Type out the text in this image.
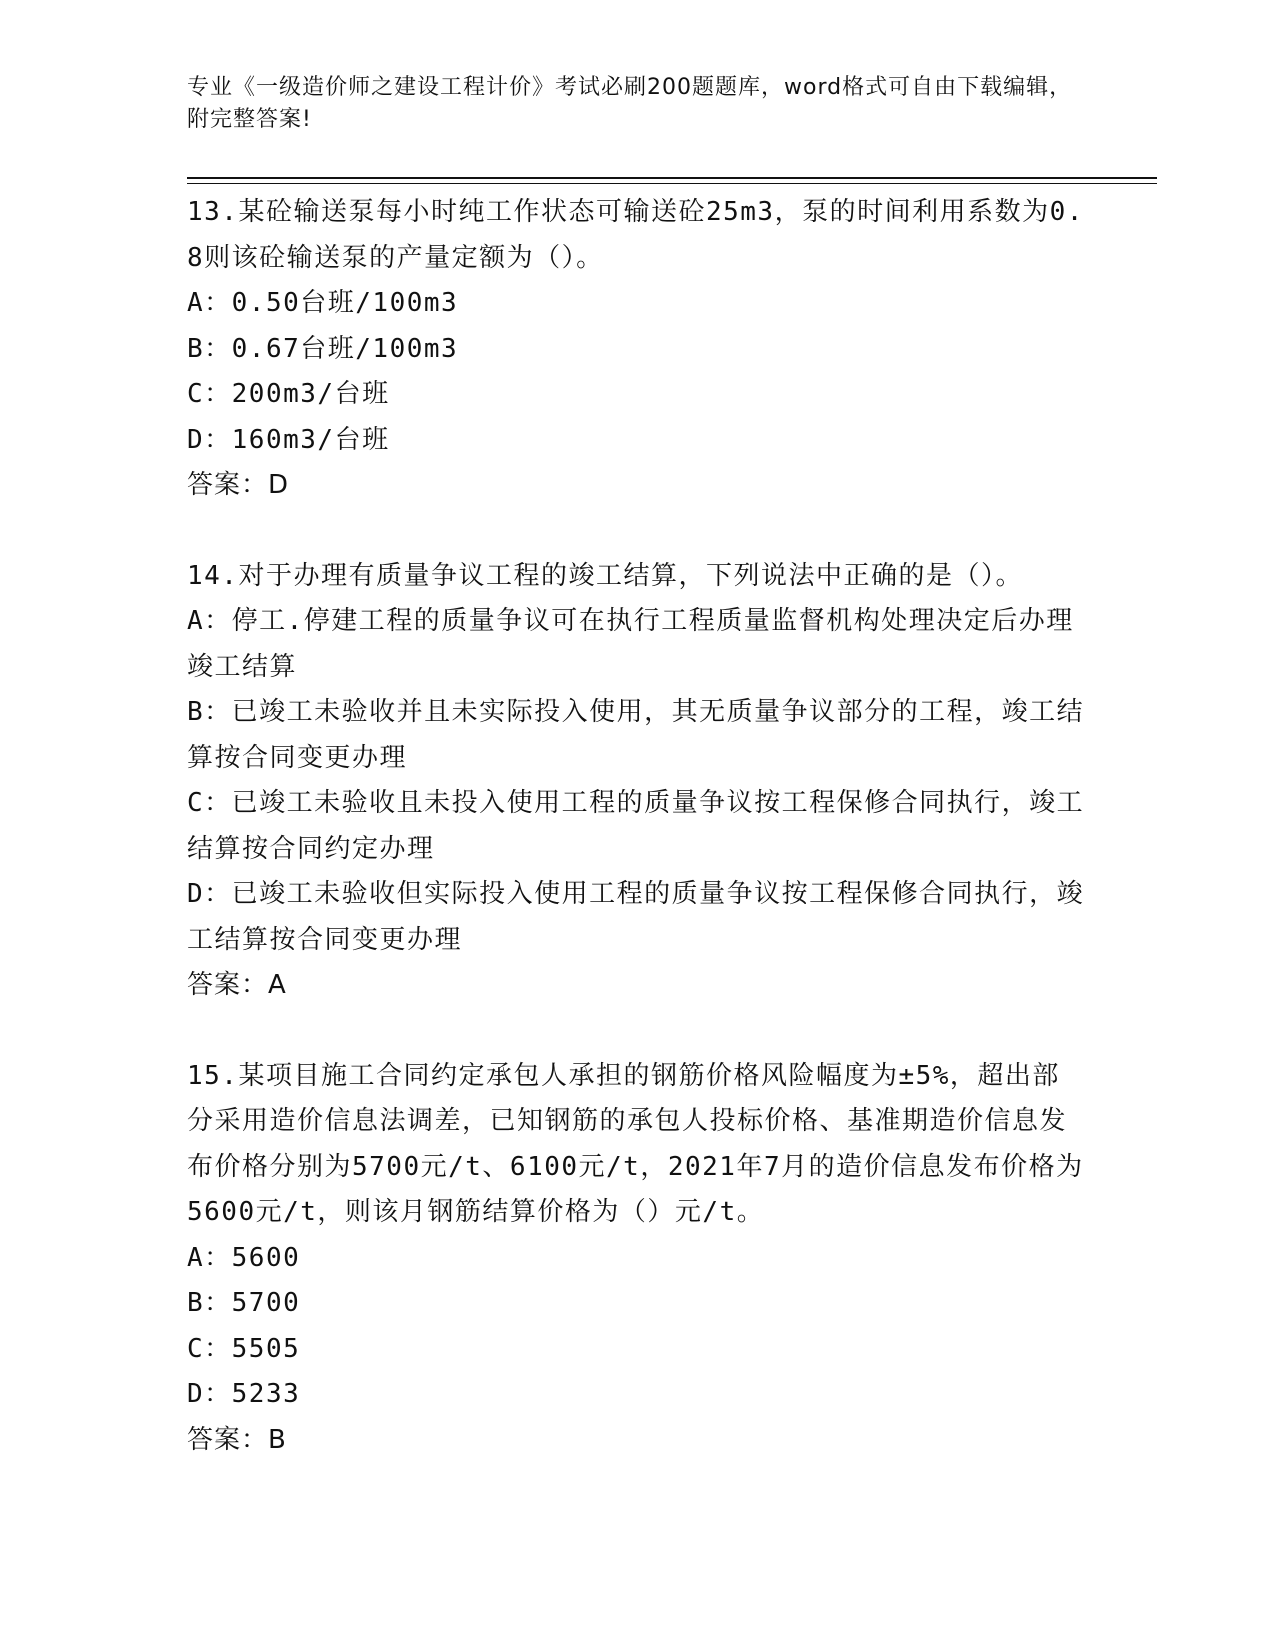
专业《一级造价师之建设工程计价》考试必刷200题题库，word格式可自由下载编辑，附完整答案!

13.某砼输送泵每小时纯工作状态可输送砼25m3，泵的时间利用系数为0.8则该砼输送泵的产量定额为（）。

A：0.50台班/100m3

B：0.67台班/100m3

C：200m3/台班

D：160m3/台班

答案：D

14.对于办理有质量争议工程的竣工结算，下列说法中正确的是（）。

A：停工.停建工程的质量争议可在执行工程质量监督机构处理决定后办理竣工结算

B：已竣工未验收并且未实际投入使用，其无质量争议部分的工程，竣工结算按合同变更办理

C：已竣工未验收且未投入使用工程的质量争议按工程保修合同执行，竣工结算按合同约定办理

D：已竣工未验收但实际投入使用工程的质量争议按工程保修合同执行，竣工结算按合同变更办理

答案：A

15.某项目施工合同约定承包人承担的钢筋价格风险幅度为±5%，超出部分采用造价信息法调差，已知钢筋的承包人投标价格、基准期造价信息发布价格分别为5700元/t、6100元/t，2021年7月的造价信息发布价格为5600元/t，则该月钢筋结算价格为（）元/t。

A：5600

B：5700

C：5505

D：5233

答案：B
